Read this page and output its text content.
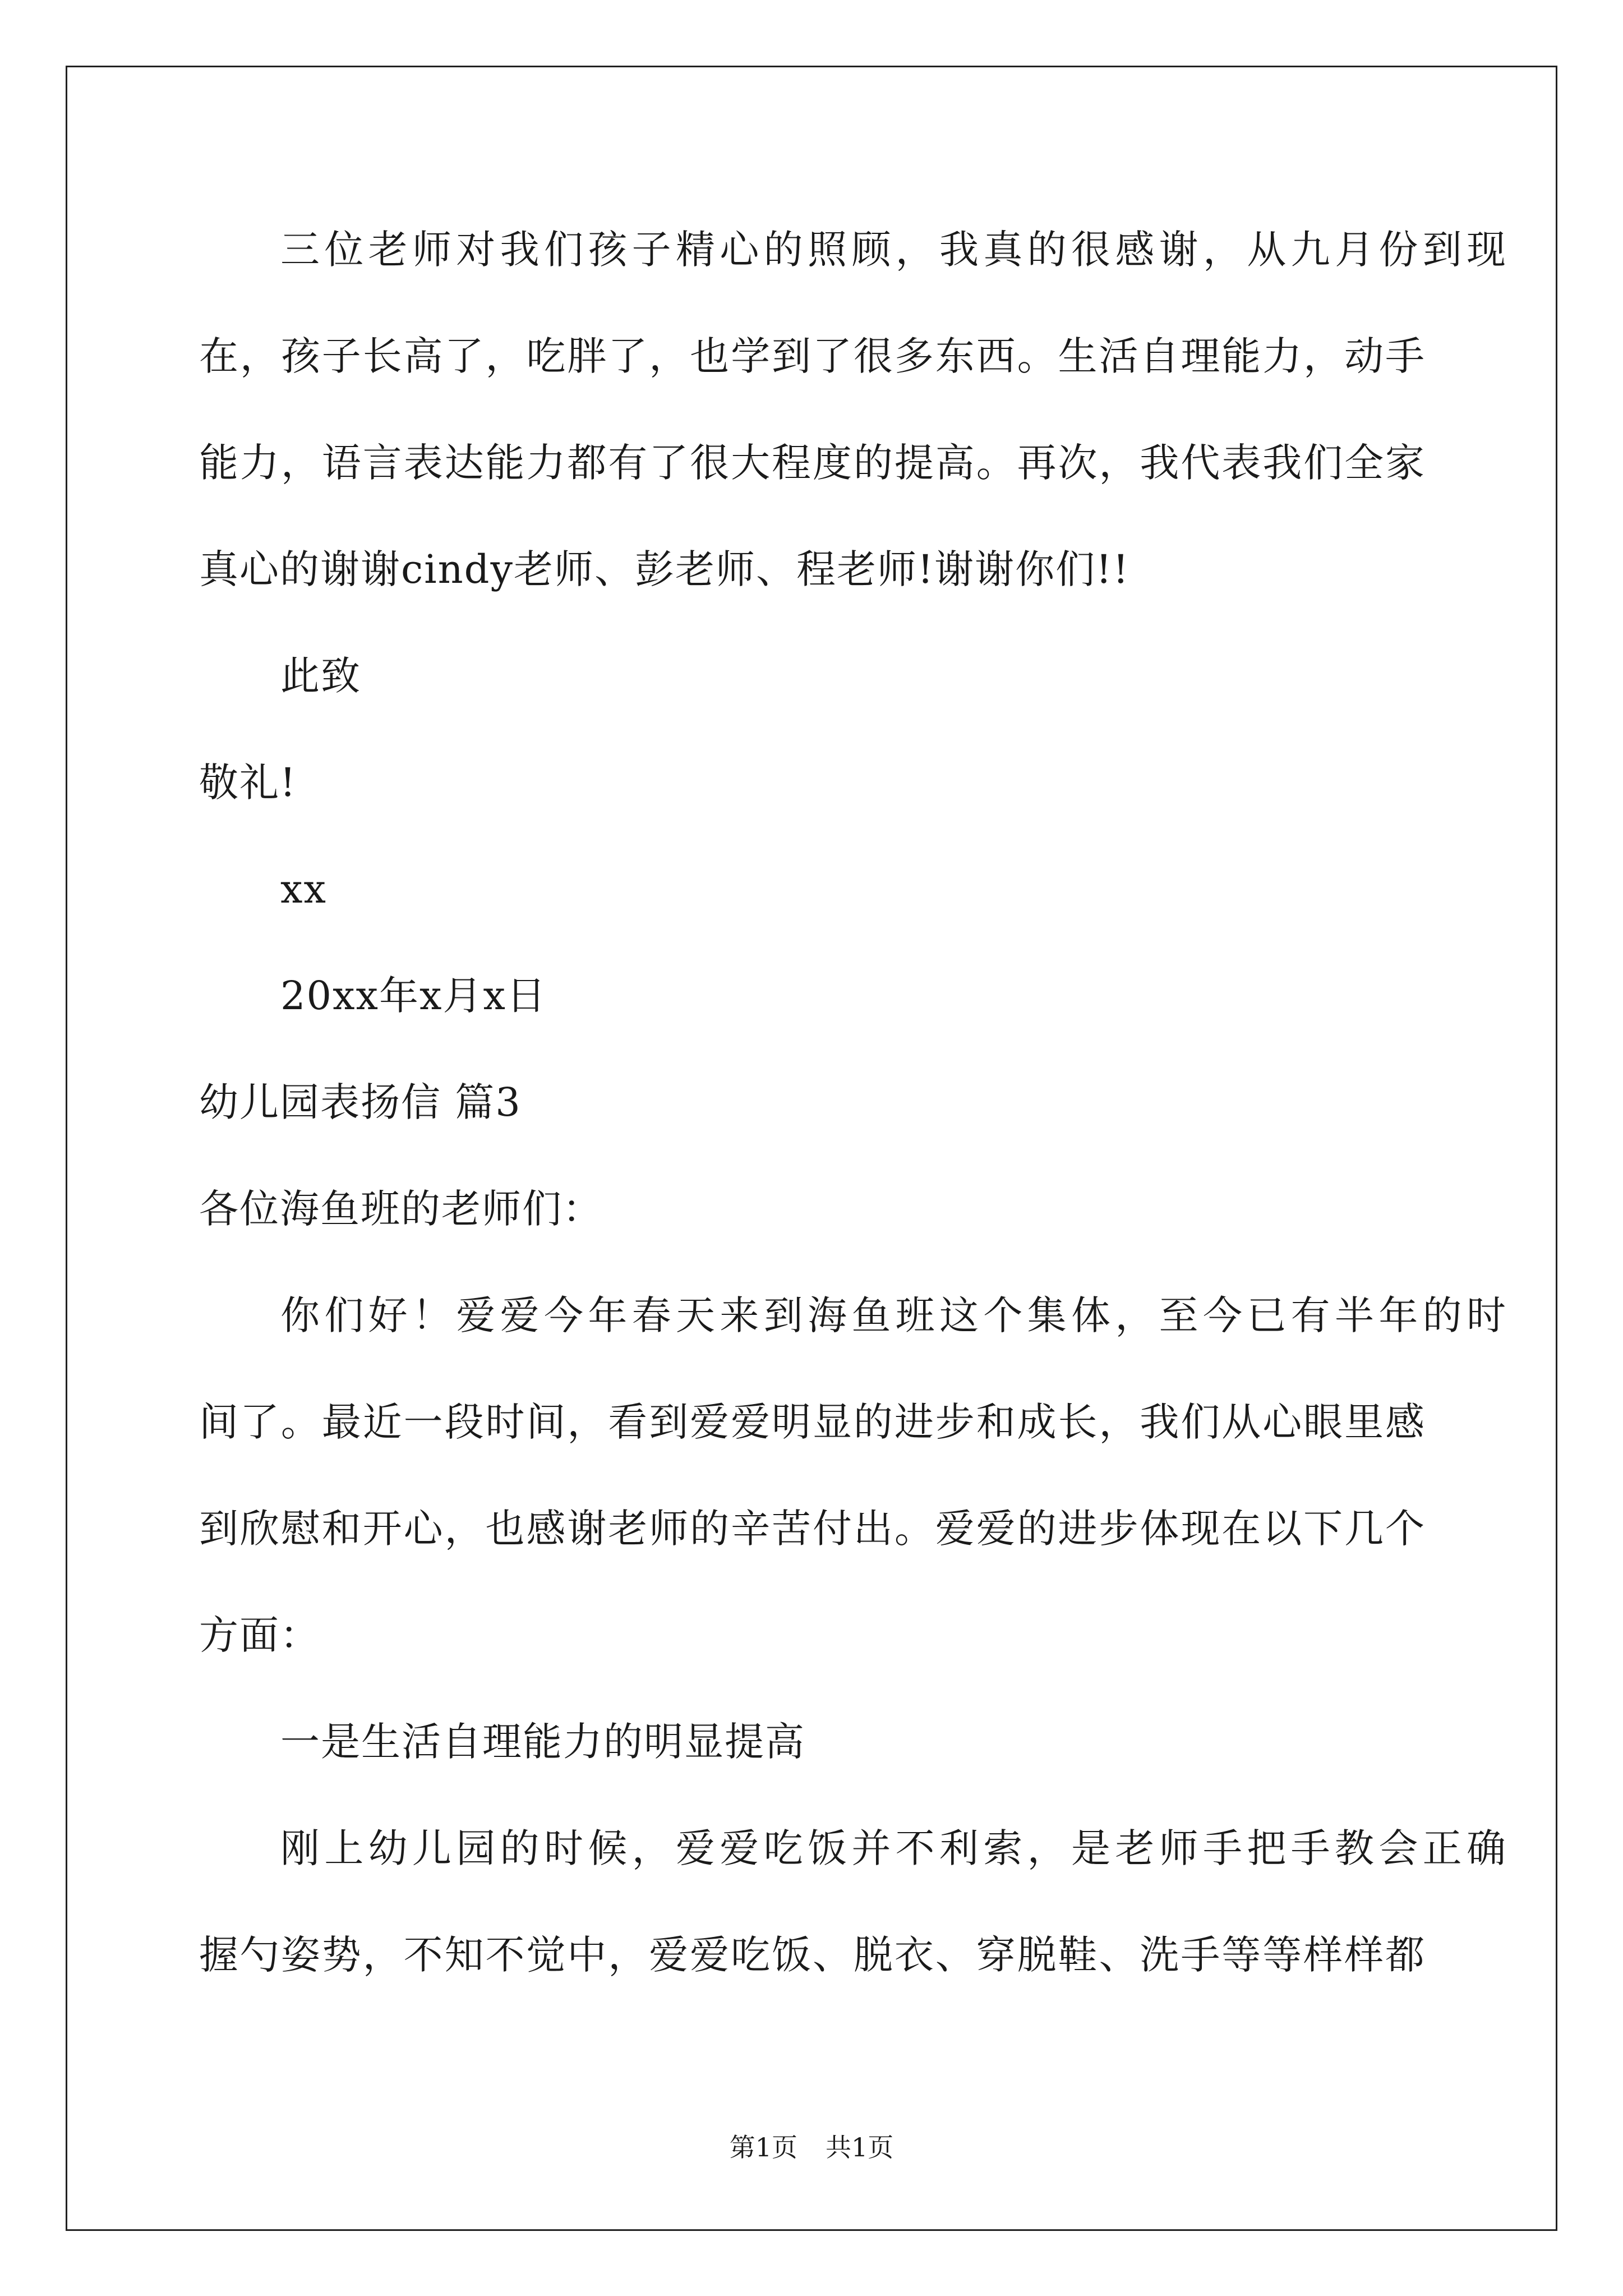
三位老师对我们孩子精心的照顾，我真的很感谢，从九月份到现
在，孩子长高了，吃胖了，也学到了很多东西。生活自理能力，动手
能力，语言表达能力都有了很大程度的提高。再次，我代表我们全家
真心的谢谢cindy老师、彭老师、程老师!谢谢你们!!
此致
敬礼!
xx
20xx年x月x日
幼儿园表扬信 篇3
各位海鱼班的老师们：
你们好！爱爱今年春天来到海鱼班这个集体，至今已有半年的时
间了。最近一段时间，看到爱爱明显的进步和成长，我们从心眼里感
到欣慰和开心，也感谢老师的辛苦付出。爱爱的进步体现在以下几个
方面：
一是生活自理能力的明显提高
刚上幼儿园的时候，爱爱吃饭并不利索，是老师手把手教会正确
握勺姿势，不知不觉中，爱爱吃饭、脱衣、穿脱鞋、洗手等等样样都
第1页 共1页
